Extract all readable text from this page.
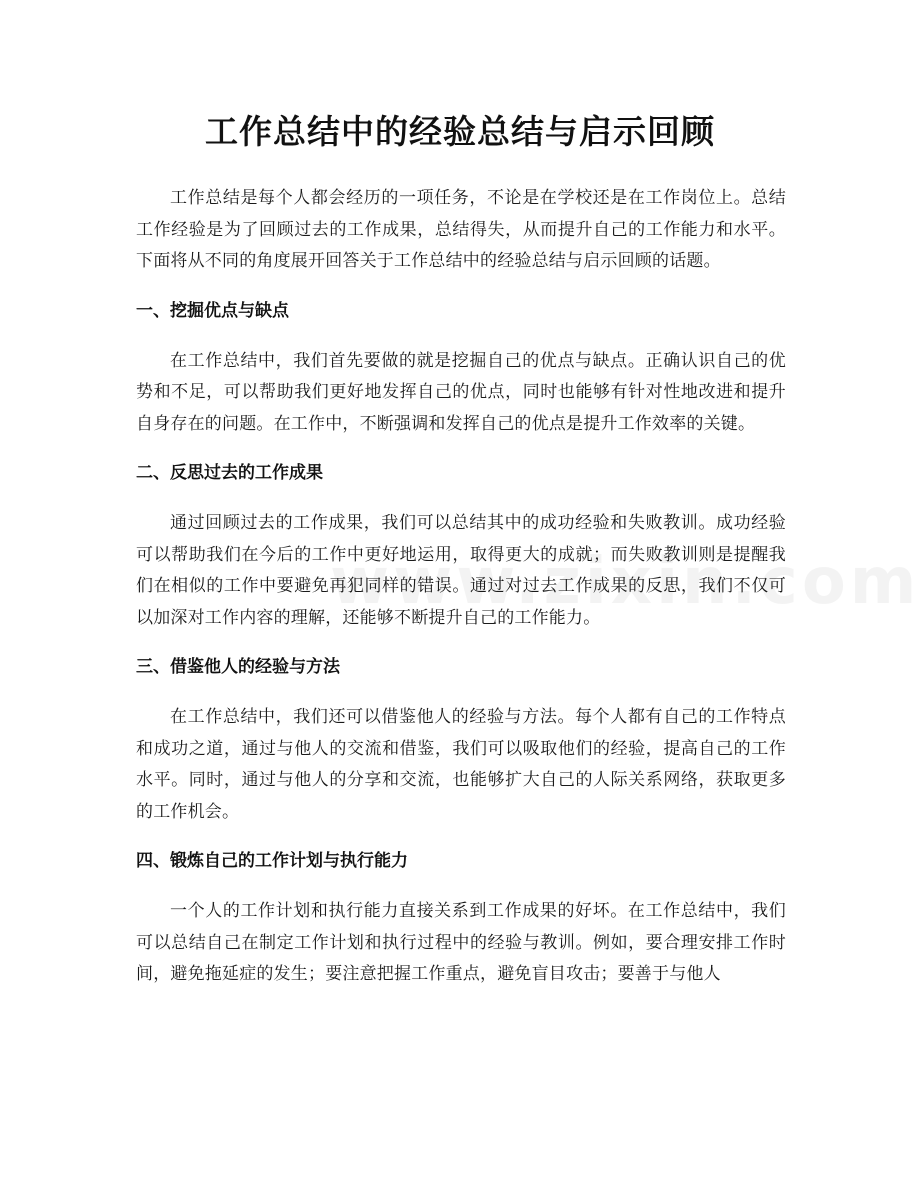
工作总结中的经验总结与启示回顾

工作总结是每个人都会经历的一项任务，不论是在学校还是在工作岗位上。总结工作经验是为了回顾过去的工作成果，总结得失，从而提升自己的工作能力和水平。下面将从不同的角度展开回答关于工作总结中的经验总结与启示回顾的话题。

一、挖掘优点与缺点

在工作总结中，我们首先要做的就是挖掘自己的优点与缺点。正确认识自己的优势和不足，可以帮助我们更好地发挥自己的优点，同时也能够有针对性地改进和提升自身存在的问题。在工作中，不断强调和发挥自己的优点是提升工作效率的关键。

二、反思过去的工作成果

通过回顾过去的工作成果，我们可以总结其中的成功经验和失败教训。成功经验可以帮助我们在今后的工作中更好地运用，取得更大的成就；而失败教训则是提醒我们在相似的工作中要避免再犯同样的错误。通过对过去工作成果的反思，我们不仅可以加深对工作内容的理解，还能够不断提升自己的工作能力。

三、借鉴他人的经验与方法

在工作总结中，我们还可以借鉴他人的经验与方法。每个人都有自己的工作特点和成功之道，通过与他人的交流和借鉴，我们可以吸取他们的经验，提高自己的工作水平。同时，通过与他人的分享和交流，也能够扩大自己的人际关系网络，获取更多的工作机会。

四、锻炼自己的工作计划与执行能力

一个人的工作计划和执行能力直接关系到工作成果的好坏。在工作总结中，我们可以总结自己在制定工作计划和执行过程中的经验与教训。例如，要合理安排工作时间，避免拖延症的发生；要注意把握工作重点，避免盲目攻击；要善于与他人
